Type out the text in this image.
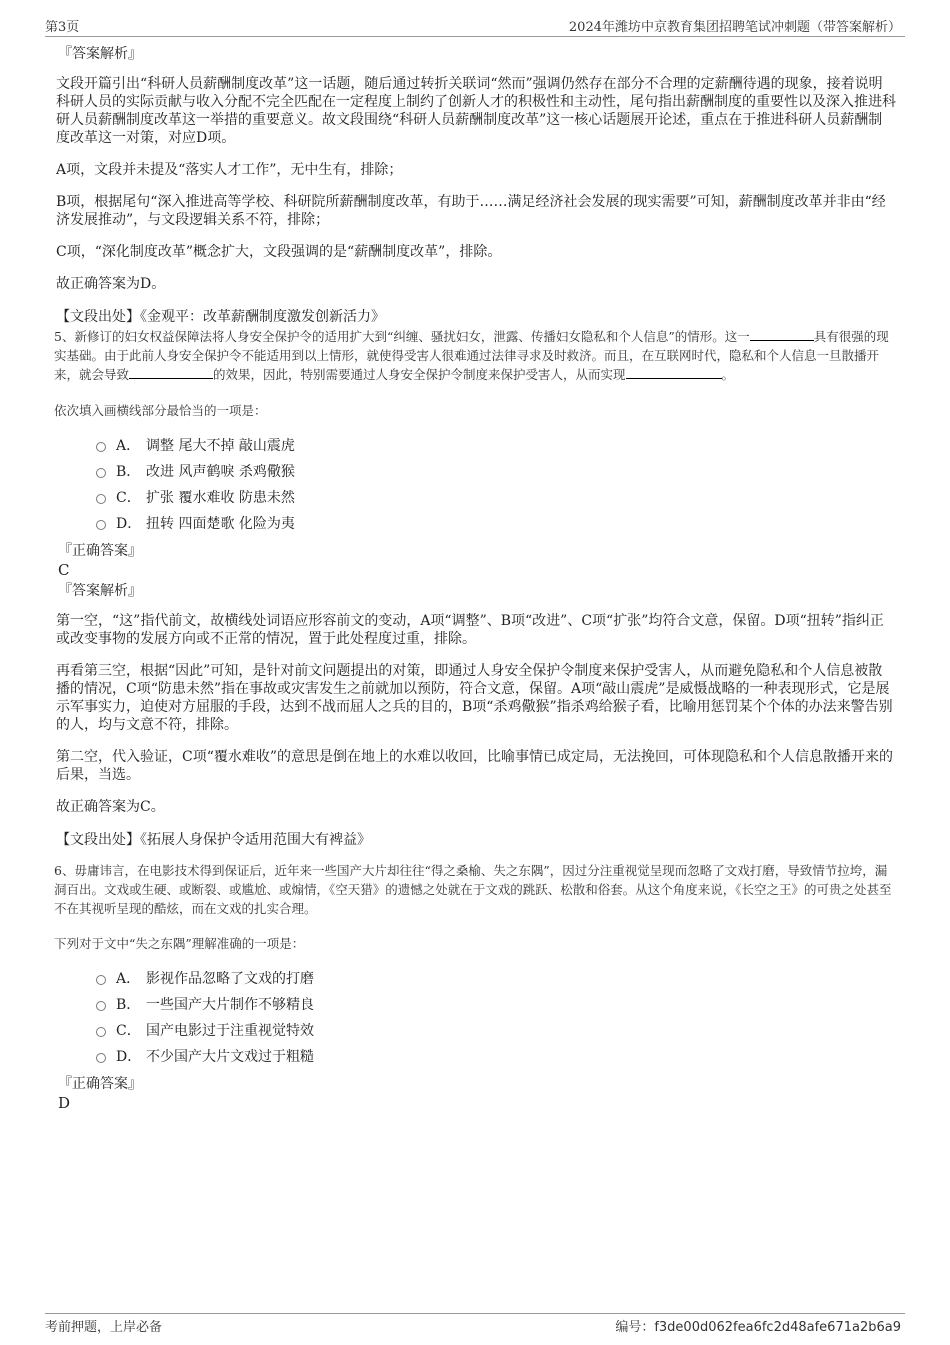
第3页	2024年潍坊中京教育集团招聘笔试冲刺题（带答案解析）
『答案解析』

文段开篇引出“科研人员薪酬制度改革”这一话题，随后通过转折关联词“然而”强调仍然存在部分不合理的定薪酬待遇的现象，接着说明科研人员的实际贡献与收入分配不完全匹配在一定程度上制约了创新人才的积极性和主动性，尾句指出薪酬制度的重要性以及深入推进科研人员薪酬制度改革这一举措的重要意义。故文段围绕“科研人员薪酬制度改革”这一核心话题展开论述，重点在于推进科研人员薪酬制度改革这一对策，对应D项。

A项，文段并未提及“落实人才工作”，无中生有，排除；

B项，根据尾句“深入推进高等学校、科研院所薪酬制度改革，有助于……满足经济社会发展的现实需要”可知，薪酬制度改革并非由“经济发展推动”，与文段逻辑关系不符，排除；

C项，“深化制度改革”概念扩大，文段强调的是“薪酬制度改革”，排除。

故正确答案为D。

【文段出处】《金观平：改革薪酬制度激发创新活力》

5、新修订的妇女权益保障法将人身安全保护令的适用扩大到“纠缠、骚扰妇女，泄露、传播妇女隐私和个人信息”的情形。这一	具有很强的现实基础。由于此前人身安全保护令不能适用到以上情形，就使得受害人很难通过法律寻求及时救济。而且，在互联网时代，隐私和个人信息一旦散播开来，就会导致	的效果，因此，特别需要通过人身安全保护令制度来保护受害人，从而实现	。

依次填入画横线部分最恰当的一项是：

A． 调整 尾大不掉 敲山震虎
B． 改进 风声鹤唳 杀鸡儆猴
C． 扩张 覆水难收 防患未然
D． 扭转 四面楚歌 化险为夷
『正确答案』
C
『答案解析』

第一空，“这”指代前文，故横线处词语应形容前文的变动，A项“调整”、B项“改进”、C项“扩张”均符合文意，保留。D项“扭转”指纠正或改变事物的发展方向或不正常的情况，置于此处程度过重，排除。

再看第三空，根据“因此”可知，是针对前文问题提出的对策，即通过人身安全保护令制度来保护受害人，从而避免隐私和个人信息被散播的情况，C项“防患未然”指在事故或灾害发生之前就加以预防，符合文意，保留。A项“敲山震虎”是威慑战略的一种表现形式，它是展示军事实力，迫使对方屈服的手段，达到不战而屈人之兵的目的，B项“杀鸡儆猴”指杀鸡给猴子看，比喻用惩罚某个个体的办法来警告别的人，均与文意不符，排除。

第二空，代入验证，C项“覆水难收”的意思是倒在地上的水难以收回，比喻事情已成定局，无法挽回，可体现隐私和个人信息散播开来的后果，当选。

故正确答案为C。

【文段出处】《拓展人身保护令适用范围大有裨益》

6、毋庸讳言，在电影技术得到保证后，近年来一些国产大片却往往“得之桑榆、失之东隅”，因过分注重视觉呈现而忽略了文戏打磨，导致情节拉垮，漏洞百出。文戏或生硬、或断裂、或尴尬、或煽情，《空天猎》的遗憾之处就在于文戏的跳跃、松散和俗套。从这个角度来说，《长空之王》的可贵之处甚至不在其视听呈现的酷炫，而在文戏的扎实合理。

下列对于文中“失之东隅”理解准确的一项是：

A． 影视作品忽略了文戏的打磨
B． 一些国产大片制作不够精良
C． 国产电影过于注重视觉特效
D． 不少国产大片文戏过于粗糙
『正确答案』
D
考前押题，上岸必备	编号：f3de00d062fea6fc2d48afe671a2b6a9
